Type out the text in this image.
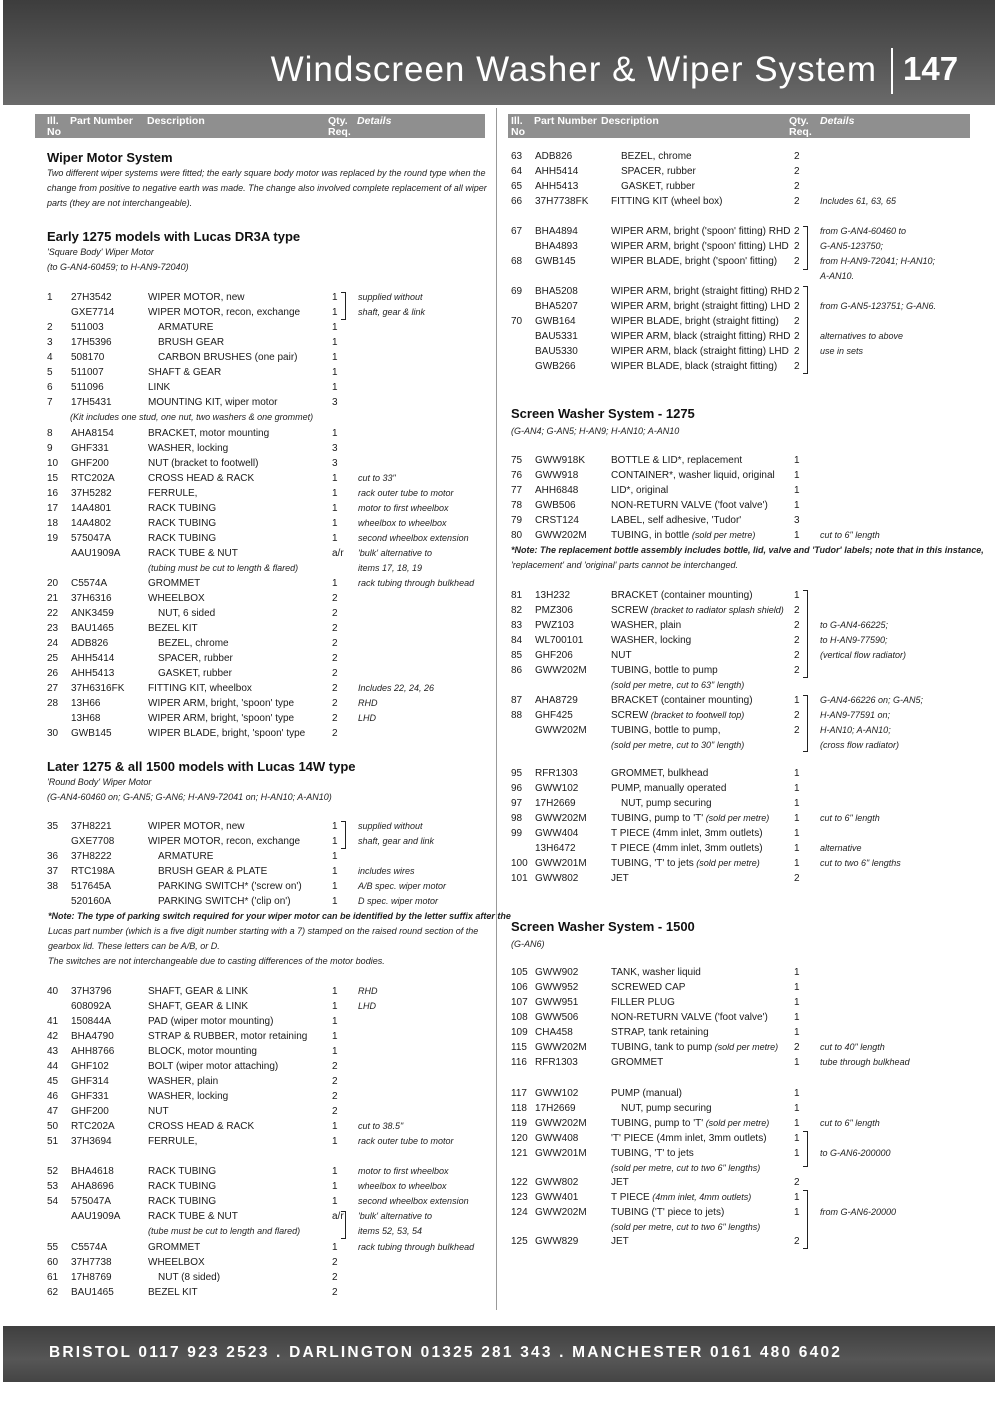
Windscreen Washer & Wiper System 147
Ill.
No
Part Number Description	Qty.
Req.
Details	Ill.
No
Part Number Description	Qty.
Req.
Details
Wiper Motor System
Two different wiper systems were fitted; the early square body motor was replaced by the round type when the
change from positive to negative earth was made. The change also involved complete replacement of all wiper
parts (they are not interchangeable).
Early 1275 models with Lucas DR3A type
'Square Body' Wiper Motor
(to G-AN4-60459; to H-AN9-72040)
1 27H3542	WIPER MOTOR, new	1 supplied without
GXE7714	WIPER MOTOR, recon, exchange	1 shaft, gear & link
2 511003	ARMATURE	1
3 17H5396	BRUSH GEAR	1
4 508170	CARBON BRUSHES (one pair)	1
5 511007	SHAFT & GEAR	1
6 511096	LINK	1
7 17H5431	MOUNTING KIT, wiper motor	3
(Kit includes one stud, one nut, two washers & one grommet)
8 AHA8154	BRACKET, motor mounting	1
9 GHF331	WASHER, locking	3
10 GHF200	NUT (bracket to footwell)	3
15 RTC202A	CROSS HEAD & RACK	1 cut to 33"
16 37H5282	FERRULE,	1 rack outer tube to motor
17 14A4801	RACK TUBING	1 motor to first wheelbox
18 14A4802	RACK TUBING	1 wheelbox to wheelbox
19 575047A	RACK TUBING	1 second wheelbox extension
AAU1909A	RACK TUBE & NUT	a/r 'bulk' alternative to
(tubing must be cut to length & flared)	items 17, 18, 19
20 C5574A	GROMMET	1 rack tubing through bulkhead
21 37H6316	WHEELBOX	2
22 ANK3459	NUT, 6 sided	2
23 BAU1465	BEZEL KIT	2
24 ADB826	BEZEL, chrome	2
25 AHH5414	SPACER, rubber	2
26 AHH5413	GASKET, rubber	2
27 37H6316FK FITTING KIT, wheelbox	2 Includes 22, 24, 26
28 13H66	WIPER ARM, bright, 'spoon' type	2 RHD
13H68	WIPER ARM, bright, 'spoon' type	2 LHD
30 GWB145	WIPER BLADE, bright, 'spoon' type	2
Later 1275 & all 1500 models with Lucas 14W type
'Round Body' Wiper Motor
(G-AN4-60460 on; G-AN5; G-AN6; H-AN9-72041 on; H-AN10; A-AN10)
35 37H8221	WIPER MOTOR, new	1 supplied without
GXE7708	WIPER MOTOR, recon, exchange	1 shaft, gear and link
36 37H8222	ARMATURE	1
37 RTC198A	BRUSH GEAR & PLATE	1 includes wires
38 517645A	PARKING SWITCH* ('screw on')	1 A/B spec. wiper motor
520160A	PARKING SWITCH* ('clip on')	1 D spec. wiper motor
*Note: The type of parking switch required for your wiper motor can be identified by the letter suffix after the
Lucas part number (which is a five digit number starting with a 7) stamped on the raised round section of the
gearbox lid. These letters can be A/B, or D.
The switches are not interchangeable due to casting differences of the motor bodies.
40 37H3796	SHAFT, GEAR & LINK	1 RHD
608092A	SHAFT, GEAR & LINK	1 LHD
41 150844A	PAD (wiper motor mounting)	1
42 BHA4790	STRAP & RUBBER, motor retaining 1
43 AHH8766	BLOCK, motor mounting	1
44 GHF102	BOLT (wiper motor attaching)	2
45 GHF314	WASHER, plain	2
46 GHF331	WASHER, locking	2
47 GHF200	NUT	2
50 RTC202A	CROSS HEAD & RACK	1 cut to 38.5"
51 37H3694	FERRULE,	1 rack outer tube to motor
52 BHA4618	RACK TUBING	1 motor to first wheelbox
53 AHA8696	RACK TUBING	1 wheelbox to wheelbox
54 575047A	RACK TUBING	1 second wheelbox extension
AAU1909A	RACK TUBE & NUT	a/r 'bulk' alternative to
(tube must be cut to length and flared)	items 52, 53, 54
55 C5574A	GROMMET	1 rack tubing through bulkhead
60 37H7738	WHEELBOX	2
61 17H8769	NUT (8 sided)	2
62 BAU1465	BEZEL KIT	2
63 ADB826	BEZEL, chrome	2
64 AHH5414	SPACER, rubber	2
65 AHH5413	GASKET, rubber	2
66 37H7738FK FITTING KIT (wheel box)	2 Includes 61, 63, 65
67 BHA4894	WIPER ARM, bright ('spoon' fitting) RHD 2 from G-AN4-60460 to
BHA4893	WIPER ARM, bright ('spoon' fitting) LHD 2 G-AN5-123750;
68 GWB145	WIPER BLADE, bright ('spoon' fitting) 2 from H-AN9-72041; H-AN10;
A-AN10.
69 BHA5208	WIPER ARM, bright (straight fitting) RHD 2
BHA5207	WIPER ARM, bright (straight fitting) LHD 2 from G-AN5-123751; G-AN6.
70 GWB164	WIPER BLADE, bright (straight fitting) 2
BAU5331	WIPER ARM, black (straight fitting) RHD 2 alternatives to above
BAU5330	WIPER ARM, black (straight fitting) LHD 2 use in sets
GWB266	WIPER BLADE, black (straight fitting) 2
Screen Washer System - 1275
(G-AN4; G-AN5; H-AN9; H-AN10; A-AN10
75 GWW918K	BOTTLE & LID*, replacement	1
76 GWW918	CONTAINER*, washer liquid, original 1
77 AHH6848	LID*, original	1
78 GWB506	NON-RETURN VALVE ('foot valve')	1
79 CRST124	LABEL, self adhesive, 'Tudor'	3
80 GWW202M TUBING, in bottle (sold per metre)	1 cut to 6" length
*Note: The replacement bottle assembly includes bottle, lid, valve and 'Tudor' labels; note that in this instance,
'replacement' and 'original' parts cannot be interchanged.
81 13H232	BRACKET (container mounting)	1
82 PMZ306	SCREW (bracket to radiator splash shield) 2
83 PWZ103	WASHER, plain	2 to G-AN4-66225;
84 WL700101	WASHER, locking	2 to H-AN9-77590;
85 GHF206	NUT	2 (vertical flow radiator)
86 GWW202M TUBING, bottle to pump	2
(sold per metre, cut to 63" length)
87 AHA8729	BRACKET (container mounting)	1 G-AN4-66226 on; G-AN5;
88 GHF425	SCREW (bracket to footwell top)	2 H-AN9-77591 on;
GWW202M TUBING, bottle to pump,	2 H-AN10; A-AN10;
(sold per metre, cut to 30" length)	(cross flow radiator)
95 RFR1303	GROMMET, bulkhead	1
96 GWW102	PUMP, manually operated	1
97 17H2669	NUT, pump securing	1
98 GWW202M TUBING, pump to 'T' (sold per metre) 1 cut to 6" length
99 GWW404	T PIECE (4mm inlet, 3mm outlets)	1
13H6472	T PIECE (4mm inlet, 3mm outlets)	1 alternative
100 GWW201M TUBING, 'T' to jets (sold per metre)	1 cut to two 6" lengths
101 GWW802	JET	2
Screen Washer System - 1500
(G-AN6)
105 GWW902	TANK, washer liquid	1
106 GWW952	SCREWED CAP	1
107 GWW951	FILLER PLUG	1
108 GWW506	NON-RETURN VALVE ('foot valve')	1
109 CHA458	STRAP, tank retaining	1
115 GWW202M TUBING, tank to pump (sold per metre) 2 cut to 40" length
116 RFR1303	GROMMET	1 tube through bulkhead
117 GWW102	PUMP (manual)	1
118 17H2669	NUT, pump securing	1
119 GWW202M TUBING, pump to 'T' (sold per metre) 1 cut to 6" length
120 GWW408	'T' PIECE (4mm inlet, 3mm outlets)	1
121 GWW201M TUBING, 'T' to jets	1 to G-AN6-200000
(sold per metre, cut to two 6" lengths)
122 GWW802	JET	2
123 GWW401	T PIECE (4mm inlet, 4mm outlets)	1
124 GWW202M TUBING ('T' piece to jets)	1 from G-AN6-20000
(sold per metre, cut to two 6" lengths)
125 GWW829	JET	2
BRISTOL 0117 923 2523 . DARLINGTON 01325 281 343 . MANCHESTER 0161 480 6402
